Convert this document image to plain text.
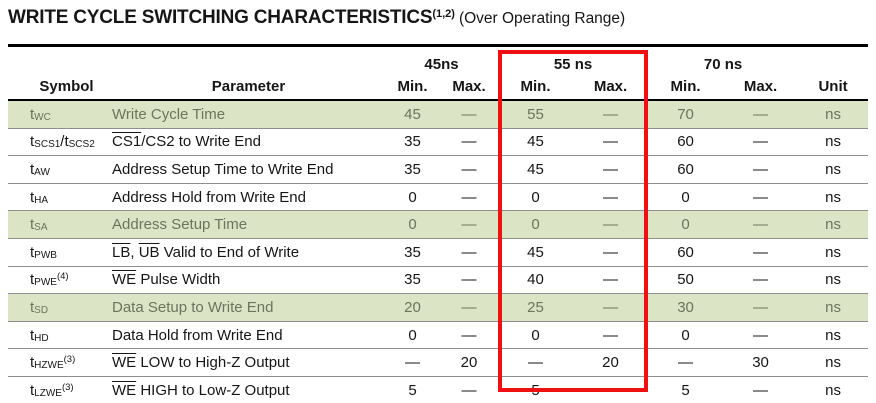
WRITE CYCLE SWITCHING CHARACTERISTICS$^{(1,2)}$ (Over Operating Range)
		45ns		55 ns		70 ns		
Symbol	Parameter	Min.	Max.	Min.	Max.	Min.	Max.	Unit
tWC	Write Cycle Time	45	—	55	—	70	—	ns
tSCS1/tSCS2	CS1/CS2 to Write End	35	—	45	—	60	—	ns
tAW	Address Setup Time to Write End	35	—	45	—	60	—	ns
tHA	Address Hold from Write End	0	—	0	—	0	—	ns
tSA	Address Setup Time	0	—	0	—	0	—	ns
tPWB	$\overline{LB}$, $\overline{UB}$ Valid to End of Write	35	—	45	—	60	—	ns
tPWE$^{(4)}$	$\overline{WE}$ Pulse Width	35	—	40	—	50	—	ns
tSD	Data Setup to Write End	20	—	25	—	30	—	ns
tHD	Data Hold from Write End	0	—	0	—	0	—	ns
tHZWE$^{(3)}$	$\overline{WE}$ LOW to High-Z Output	—	20	—	20	—	30	ns
tLZWE$^{(3)}$	$\overline{WE}$ HIGH to Low-Z Output	5	—	5	—	5	—	ns
